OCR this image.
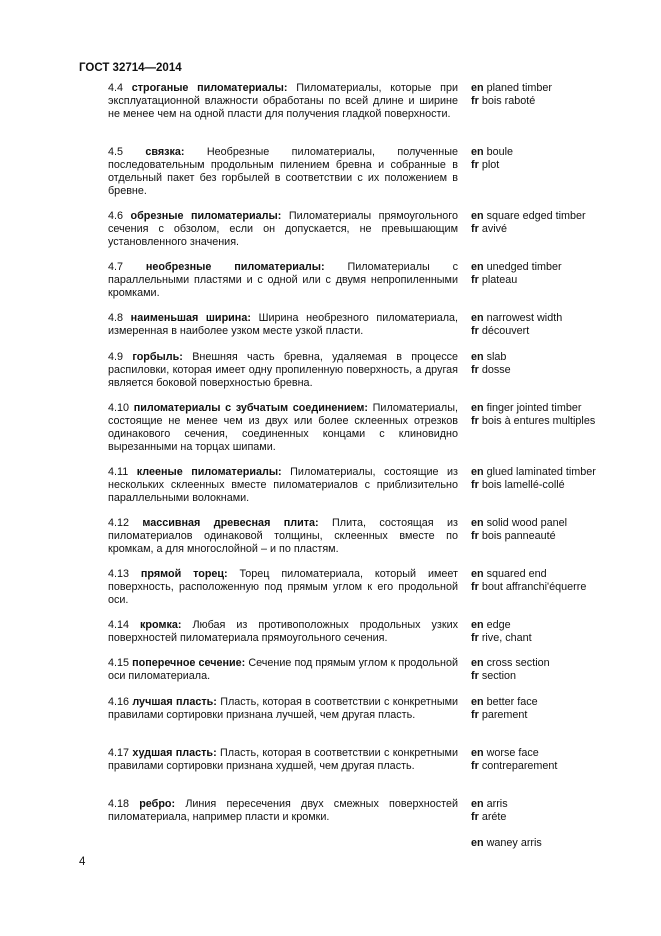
ГОСТ 32714—2014
4.4 строганые пиломатериалы: Пиломатериалы, которые при эксплуатационной влажности обработаны по всей длине и ширине не менее чем на одной пласти для получения гладкой поверхности.
en planed timber
fr bois raboté
4.5 связка: Необрезные пиломатериалы, полученные последовательным продольным пилением бревна и собранные в отдельный пакет без горбылей в соответствии с их положением в бревне.
en boule
fr plot
4.6 обрезные пиломатериалы: Пиломатериалы прямоугольного сечения с обзолом, если он допускается, не превышающим установленного значения.
en square edged timber
fr avivé
4.7 необрезные пиломатериалы: Пиломатериалы с параллельными пластями и с одной или с двумя непропиленными кромками.
en unedged timber
fr plateau
4.8 наименьшая ширина: Ширина необрезного пиломатериала, измеренная в наиболее узком месте узкой пласти.
en narrowest width
fr découvert
4.9 горбыль: Внешняя часть бревна, удаляемая в процессе распиловки, которая имеет одну пропиленную поверхность, а другая является боковой поверхностью бревна.
en slab
fr dosse
4.10 пиломатериалы с зубчатым соединением: Пиломатериалы, состоящие не менее чем из двух или более склеенных отрезков одинакового сечения, соединенных концами с клиновидно вырезанными на торцах шипами.
en finger jointed timber
fr bois à entures multiples
4.11 клееные пиломатериалы: Пиломатериалы, состоящие из нескольких склеенных вместе пиломатериалов с приблизительно параллельными волокнами.
en glued laminated timber
fr bois lamellé-collé
4.12 массивная древесная плита: Плита, состоящая из пиломатериалов одинаковой толщины, склеенных вместе по кромкам, а для многослойной – и по пластям.
en solid wood panel
fr bois panneauté
4.13 прямой торец: Торец пиломатериала, который имеет поверхность, расположенную под прямым углом к его продольной оси.
en squared end
fr bout affranchi'équerre
4.14 кромка: Любая из противоположных продольных узких поверхностей пиломатериала прямоугольного сечения.
en edge
fr rive, chant
4.15 поперечное сечение: Сечение под прямым углом к продольной оси пиломатериала.
en cross section
fr section
4.16 лучшая пласть: Пласть, которая в соответствии с конкретными правилами сортировки признана лучшей, чем другая пласть.
en better face
fr parement
4.17 худшая пласть: Пласть, которая в соответствии с конкретными правилами сортировки признана худшей, чем другая пласть.
en worse face
fr contreparement
4.18 ребро: Линия пересечения двух смежных поверхностей пиломатериала, например пласти и кромки.
en arris
fr aréte
en waney arris
4
